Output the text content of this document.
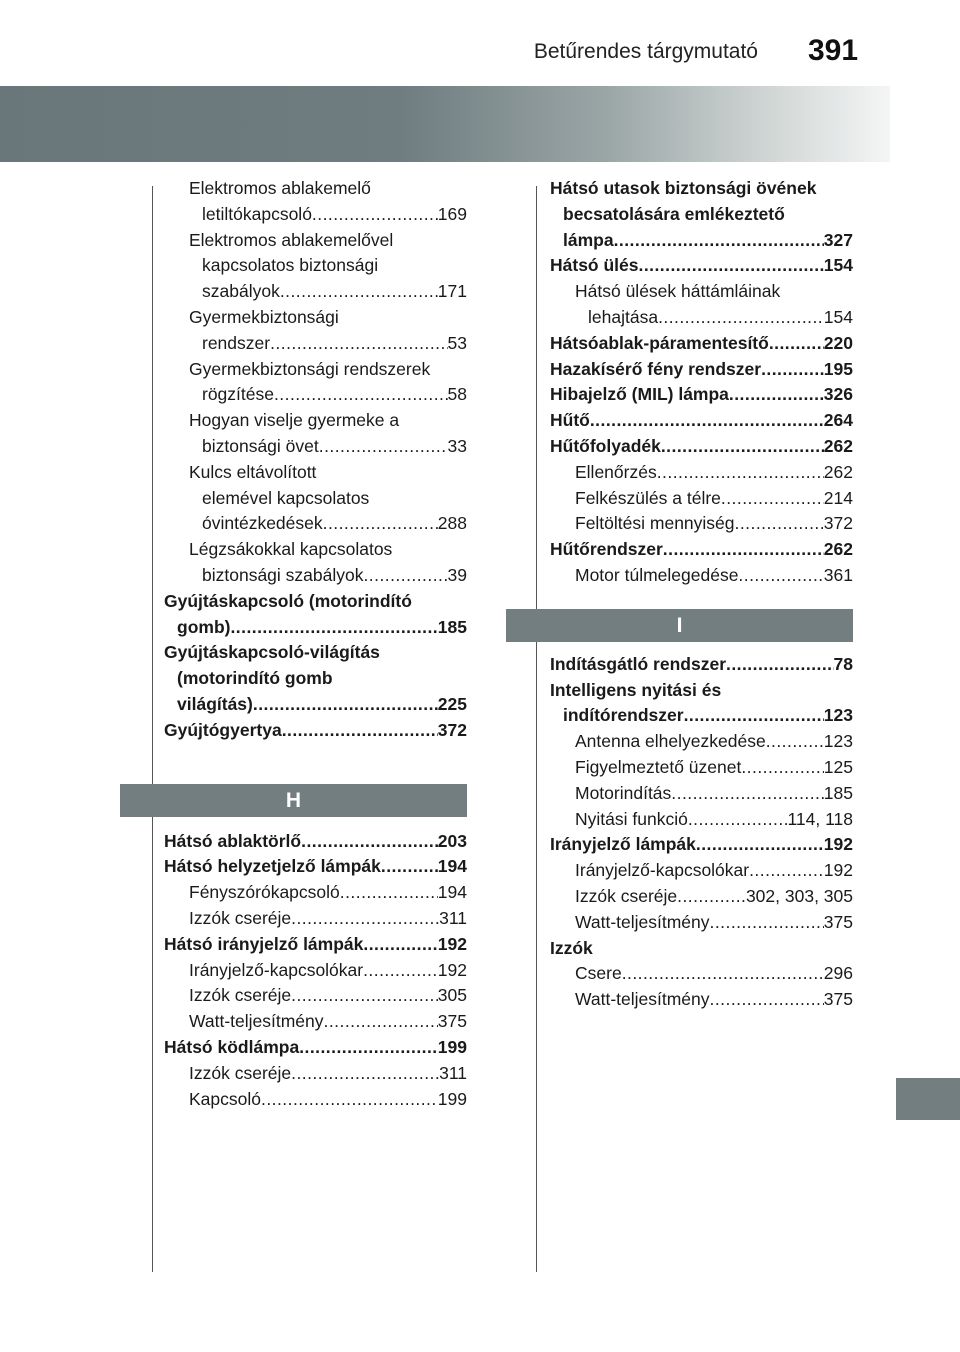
Betűrendes tárgymutató 391
Elektromos ablakemelő
letiltókapcsoló . . .	169
Elektromos ablakemelővel
kapcsolatos biztonsági
szabályok . . .	171
Gyermekbiztonsági
rendszer . . .	53
Gyermekbiztonsági rendszerek
rögzítése . . .	58
Hogyan viselje gyermeke a
biztonsági övet . . .	33
Kulcs eltávolított
elemével kapcsolatos
óvintézkedések . . .	288
Légzsákokkal kapcsolatos
biztonsági szabályok . . .	39
Gyújtáskapcsoló (motorindító
gomb) . . .	185
Gyújtáskapcsoló-világítás
(motorindító gomb
világítás) . . .	225
Gyújtógyertya . . .	372
H
Hátsó ablaktörlő . . .	203
Hátsó helyzetjelző lámpák . . .	194
Fényszórókapcsoló . . .	194
Izzók cseréje . . .	311
Hátsó irányjelző lámpák . . .	192
Irányjelző-kapcsolókar . . .	192
Izzók cseréje . . .	305
Watt-teljesítmény . . .	375
Hátsó ködlámpa . . .	199
Izzók cseréje . . .	311
Kapcsoló . . .	199
Hátsó utasok biztonsági övének
becsatolására emlékeztető
lámpa . . .	327
Hátsó ülés . . .	154
Hátsó ülések háttámláinak
lehajtása . . .	154
Hátsóablak-páramentesítő . . .	220
Hazakísérő fény rendszer . . .	195
Hibajelző (MIL) lámpa . . .	326
Hűtő . . .	264
Hűtőfolyadék . . .	262
Ellenőrzés . . .	262
Felkészülés a télre . . .	214
Feltöltési mennyiség . . .	372
Hűtőrendszer . . .	262
Motor túlmelegedése . . .	361
I
Indításgátló rendszer . . .	78
Intelligens nyitási és
indítórendszer . . .	123
Antenna elhelyezkedése . . .	123
Figyelmeztető üzenet . . .	125
Motorindítás . . .	185
Nyitási funkció . . .	114, 118
Irányjelző lámpák . . .	192
Irányjelző-kapcsolókar . . .	192
Izzók cseréje . . .	302, 303, 305
Watt-teljesítmény . . .	375
Izzók
Csere . . .	296
Watt-teljesítmény . . .	375
